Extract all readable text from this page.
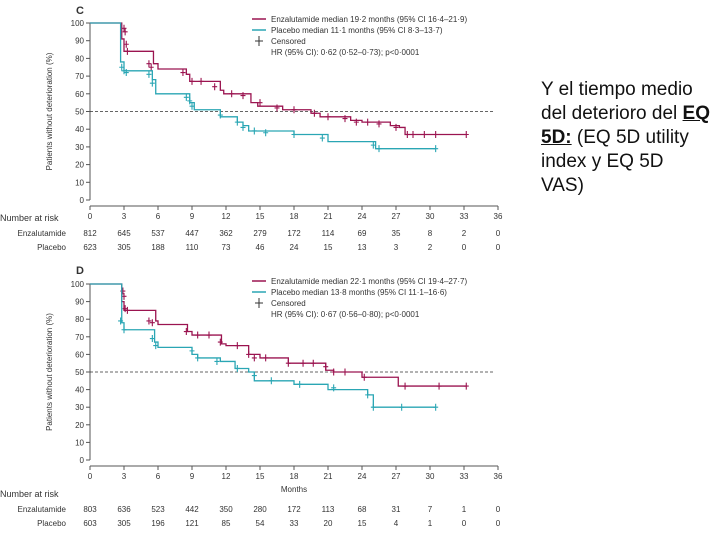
C
0
10
20
30
40
50
60
70
80
90
100
0	3	6	9	12	15	18	21	24	27	30	33	36
Patients without deterioration (%)
Enzalutamide median 19·2 months (95% CI 16·4–21·9)
Placebo median 11·1 months (95% CI 8·3–13·7)
Censored
HR (95% CI): 0·62 (0·52–0·73); p<0·0001
Number at risk
Enzalutamide 812	645	537	447	362	279	172	114	69	35	8	2	0
Placebo 623	305	188	110	73	46	24	15	13	3	2	0	0
D
0
10
20
30
40
50
60
70
80
90
100
0	3	6	9	12	15	18	21	24	27	30	33	36
Patients without deterioration (%)
Months
Enzalutamide median 22·1 months (95% CI 19·4–27·7)
Placebo median 13·8 months (95% CI 11·1–16·6)
Censored
HR (95% CI): 0·67 (0·56–0·80); p<0·0001
Number at risk
Enzalutamide 803	636	523	442	350	280	172	113	68	31	7	1	0
Placebo 603	305	196	121	85	54	33	20	15	4	1	0	0
Y el tiempo medio del deterioro del EQ 5D: (EQ 5D utility index y EQ 5D VAS)
